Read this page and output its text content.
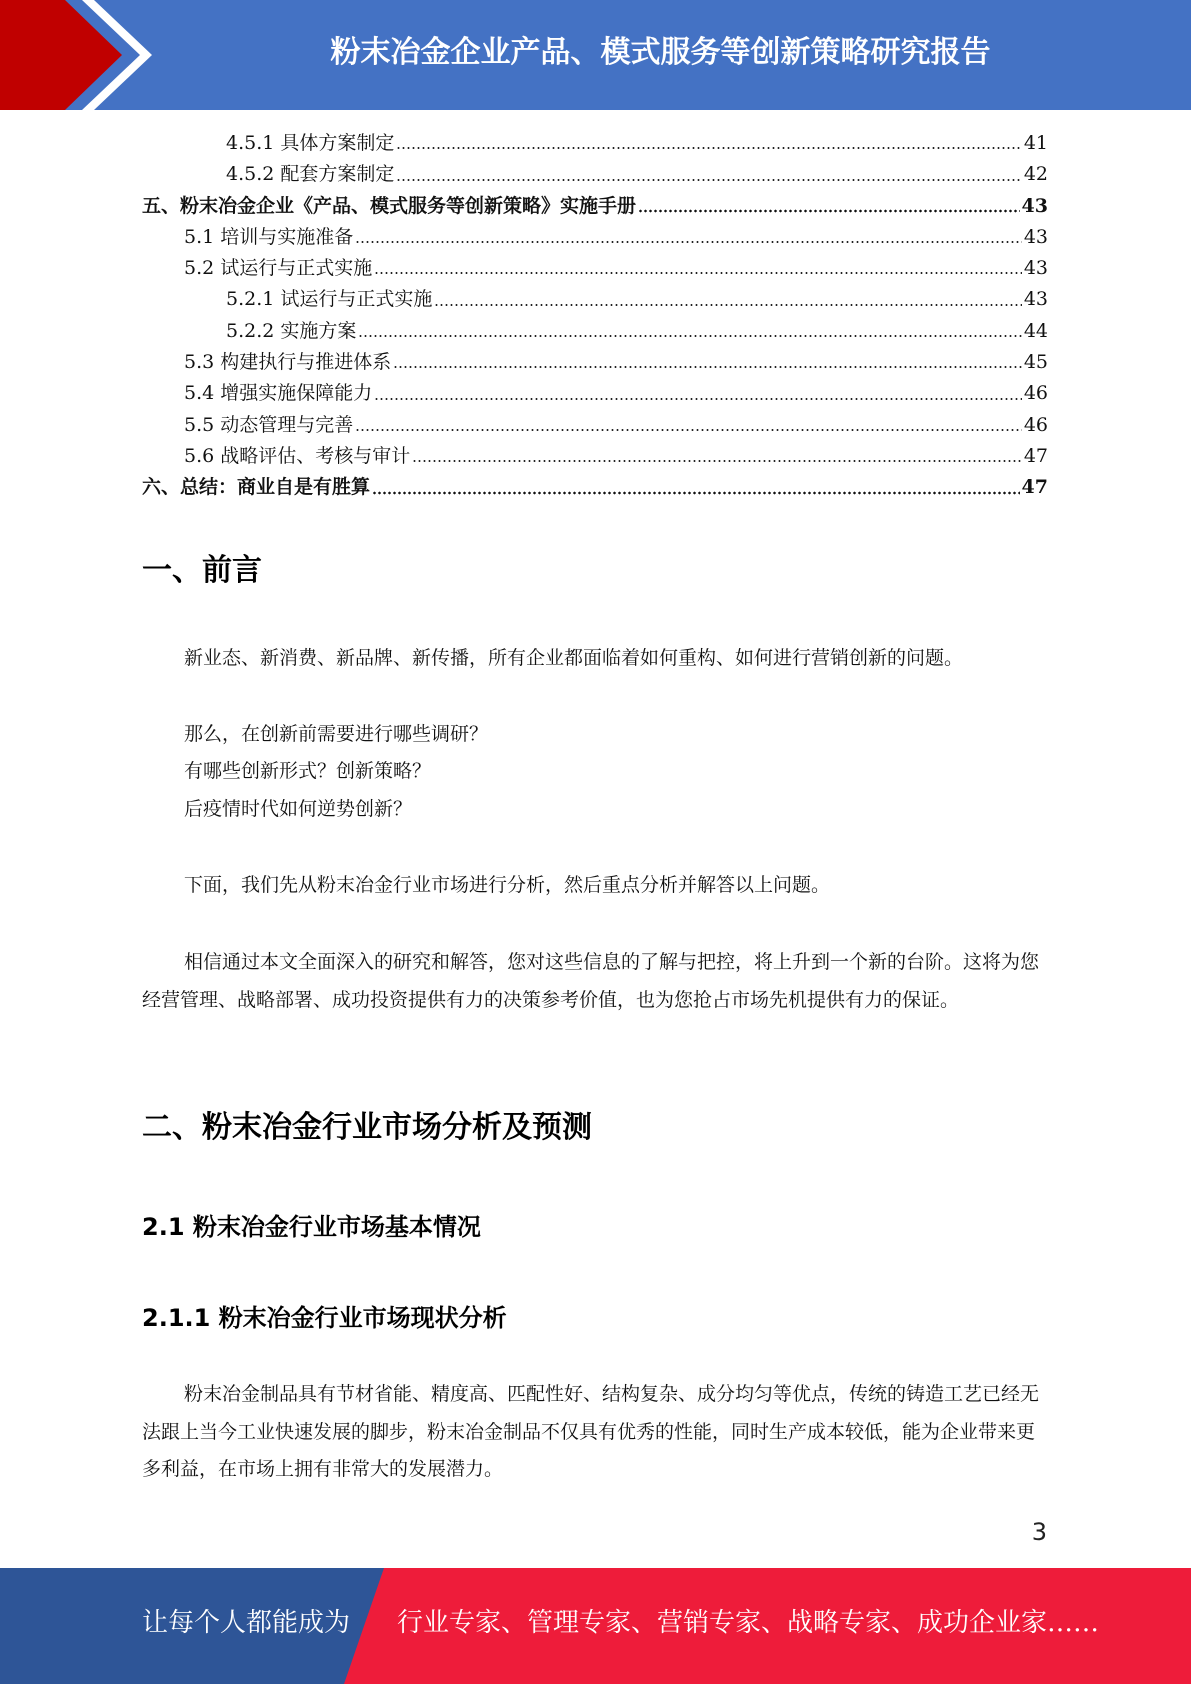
粉末冶金企业产品、模式服务等创新策略研究报告
4.5.1 具体方案制定	41
4.5.2 配套方案制定	42
五、粉末冶金企业《产品、模式服务等创新策略》实施手册	43
5.1 培训与实施准备	43
5.2 试运行与正式实施	43
5.2.1 试运行与正式实施	43
5.2.2 实施方案	44
5.3 构建执行与推进体系	45
5.4 增强实施保障能力	46
5.5 动态管理与完善	46
5.6 战略评估、考核与审计	47
六、总结：商业自是有胜算	47
一、前言

新业态、新消费、新品牌、新传播，所有企业都面临着如何重构、如何进行营销创新的问题。

那么，在创新前需要进行哪些调研？

有哪些创新形式？创新策略？

后疫情时代如何逆势创新？

下面，我们先从粉末冶金行业市场进行分析，然后重点分析并解答以上问题。

相信通过本文全面深入的研究和解答，您对这些信息的了解与把控，将上升到一个新的台阶。这将为您经营管理、战略部署、成功投资提供有力的决策参考价值，也为您抢占市场先机提供有力的保证。

二、粉末冶金行业市场分析及预测
2.1 粉末冶金行业市场基本情况
2.1.1 粉末冶金行业市场现状分析

粉末冶金制品具有节材省能、精度高、匹配性好、结构复杂、成分均匀等优点，传统的铸造工艺已经无法跟上当今工业快速发展的脚步，粉末冶金制品不仅具有优秀的性能，同时生产成本较低，能为企业带来更多利益，在市场上拥有非常大的发展潜力。

3
让每个人都能成为 行业专家、管理专家、营销专家、战略专家、成功企业家……
